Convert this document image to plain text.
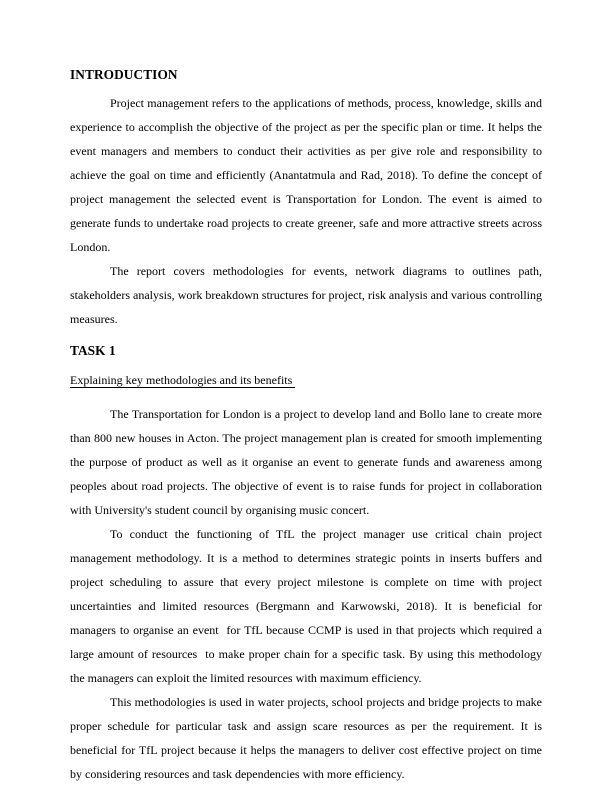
INTRODUCTION

Project management refers to the applications of methods, process, knowledge, skills and experience to accomplish the objective of the project as per the specific plan or time. It helps the event managers and members to conduct their activities as per give role and responsibility to achieve the goal on time and efficiently (Anantatmula and Rad, 2018). To define the concept of project management the selected event is Transportation for London. The event is aimed to generate funds to undertake road projects to create greener, safe and more attractive streets across London.

The report covers methodologies for events, network diagrams to outlines path, stakeholders analysis, work breakdown structures for project, risk analysis and various controlling measures.

TASK 1
Explaining key methodologies and its benefits

The Transportation for London is a project to develop land and Bollo lane to create more than 800 new houses in Acton. The project management plan is created for smooth implementing the purpose of product as well as it organise an event to generate funds and awareness among peoples about road projects. The objective of event is to raise funds for project in collaboration with University's student council by organising music concert.

To conduct the functioning of TfL the project manager use critical chain project management methodology. It is a method to determines strategic points in inserts buffers and project scheduling to assure that every project milestone is complete on time with project uncertainties and limited resources (Bergmann and Karwowski, 2018). It is beneficial for managers to organise an event  for TfL because CCMP is used in that projects which required a large amount of resources  to make proper chain for a specific task. By using this methodology the managers can exploit the limited resources with maximum efficiency.

This methodologies is used in water projects, school projects and bridge projects to make proper schedule for particular task and assign scare resources as per the requirement. It is beneficial for TfL project because it helps the managers to deliver cost effective project on time by considering resources and task dependencies with more efficiency.
